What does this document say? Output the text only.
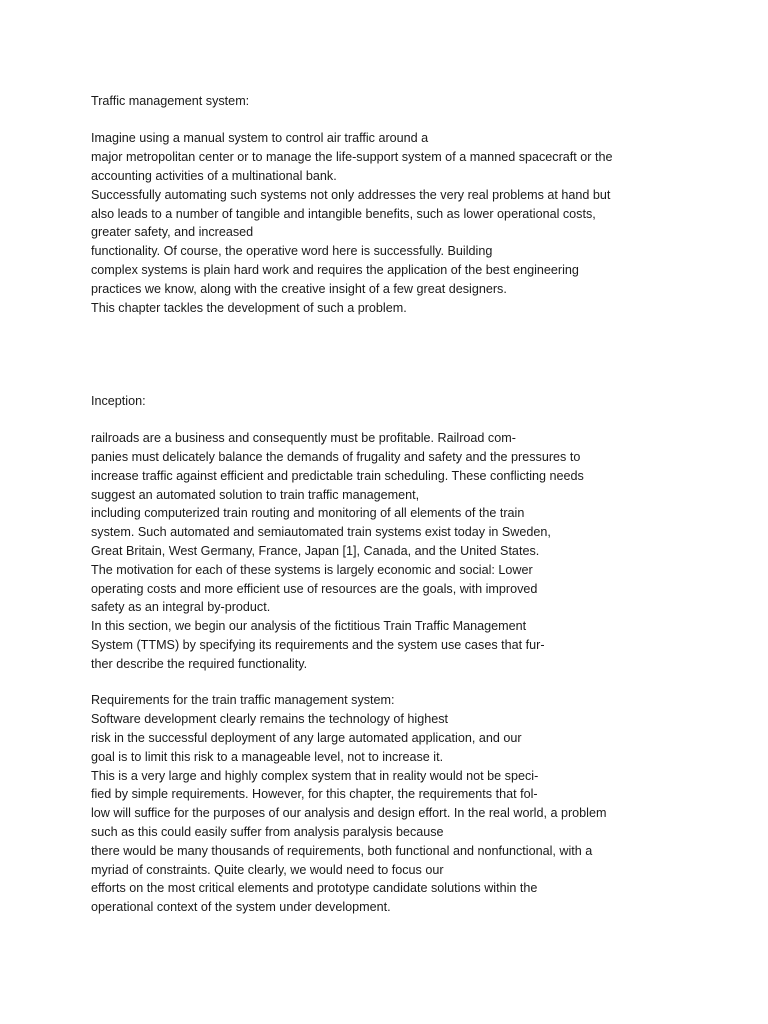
Traffic management system:

Imagine using a manual system to control air traffic around a

major metropolitan center or to manage the life-support system of a manned spacecraft or the

accounting activities of a multinational bank.

Successfully automating such systems not only addresses the very real problems at hand but

also leads to a number of tangible and intangible benefits, such as lower operational costs,

greater safety, and increased

functionality. Of course, the operative word here is successfully. Building

complex systems is plain hard work and requires the application of the best engineering

practices we know, along with the creative insight of a few great designers.

This chapter tackles the development of such a problem.

Inception:

railroads are a business and consequently must be profitable. Railroad com-

panies must delicately balance the demands of frugality and safety and the pressures to

increase traffic against efficient and predictable train scheduling. These conflicting needs

suggest an automated solution to train traffic management,

including computerized train routing and monitoring of all elements of the train

system. Such automated and semiautomated train systems exist today in Sweden,

Great Britain, West Germany, France, Japan [1], Canada, and the United States.

The motivation for each of these systems is largely economic and social: Lower

operating costs and more efficient use of resources are the goals, with improved

safety as an integral by-product.

In this section, we begin our analysis of the fictitious Train Traffic Management

System (TTMS) by specifying its requirements and the system use cases that fur-

ther describe the required functionality.

Requirements for the train traffic management system:

Software development clearly remains the technology of highest

risk in the successful deployment of any large automated application, and our

goal is to limit this risk to a manageable level, not to increase it.

This is a very large and highly complex system that in reality would not be speci-

fied by simple requirements. However, for this chapter, the requirements that fol-

low will suffice for the purposes of our analysis and design effort. In the real world, a problem

such as this could easily suffer from analysis paralysis because

there would be many thousands of requirements, both functional and nonfunctional, with a

myriad of constraints. Quite clearly, we would need to focus our

efforts on the most critical elements and prototype candidate solutions within the

operational context of the system under development.
